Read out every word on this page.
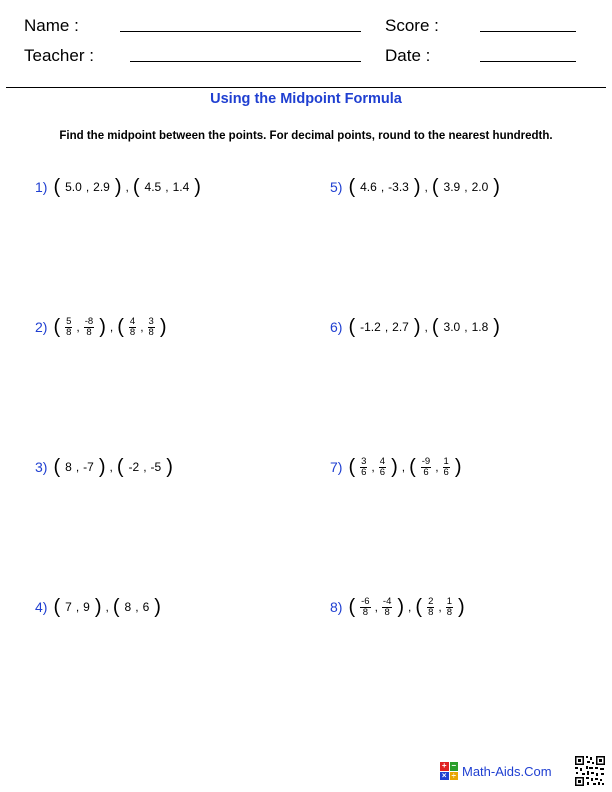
Name :	Score :
Teacher :	Date :
Using the Midpoint Formula
Find the midpoint between the points. For decimal points, round to the nearest hundredth.
1) ( 5.0 , 2.9 ) , ( 4.5 , 1.4 )
2) ( $\frac{5}{8}$ , $\frac{-8}{8}$ ) , ( $\frac{4}{8}$ , $\frac{3}{8}$ )
3) ( 8 , -7 ) , ( -2 , -5 )
4) ( 7 , 9 ) , ( 8 , 6 )
5) ( 4.6 , -3.3 ) , ( 3.9 , 2.0 )
6) ( -1.2 , 2.7 ) , ( 3.0 , 1.8 )
7) ( $\frac{3}{6}$ , $\frac{4}{6}$ ) , ( $\frac{-9}{6}$ , $\frac{1}{6}$ )
8) ( $\frac{-6}{8}$ , $\frac{-4}{8}$ ) , ( $\frac{2}{8}$ , $\frac{1}{8}$ )
+ −
× ÷ Math-Aids.Com
